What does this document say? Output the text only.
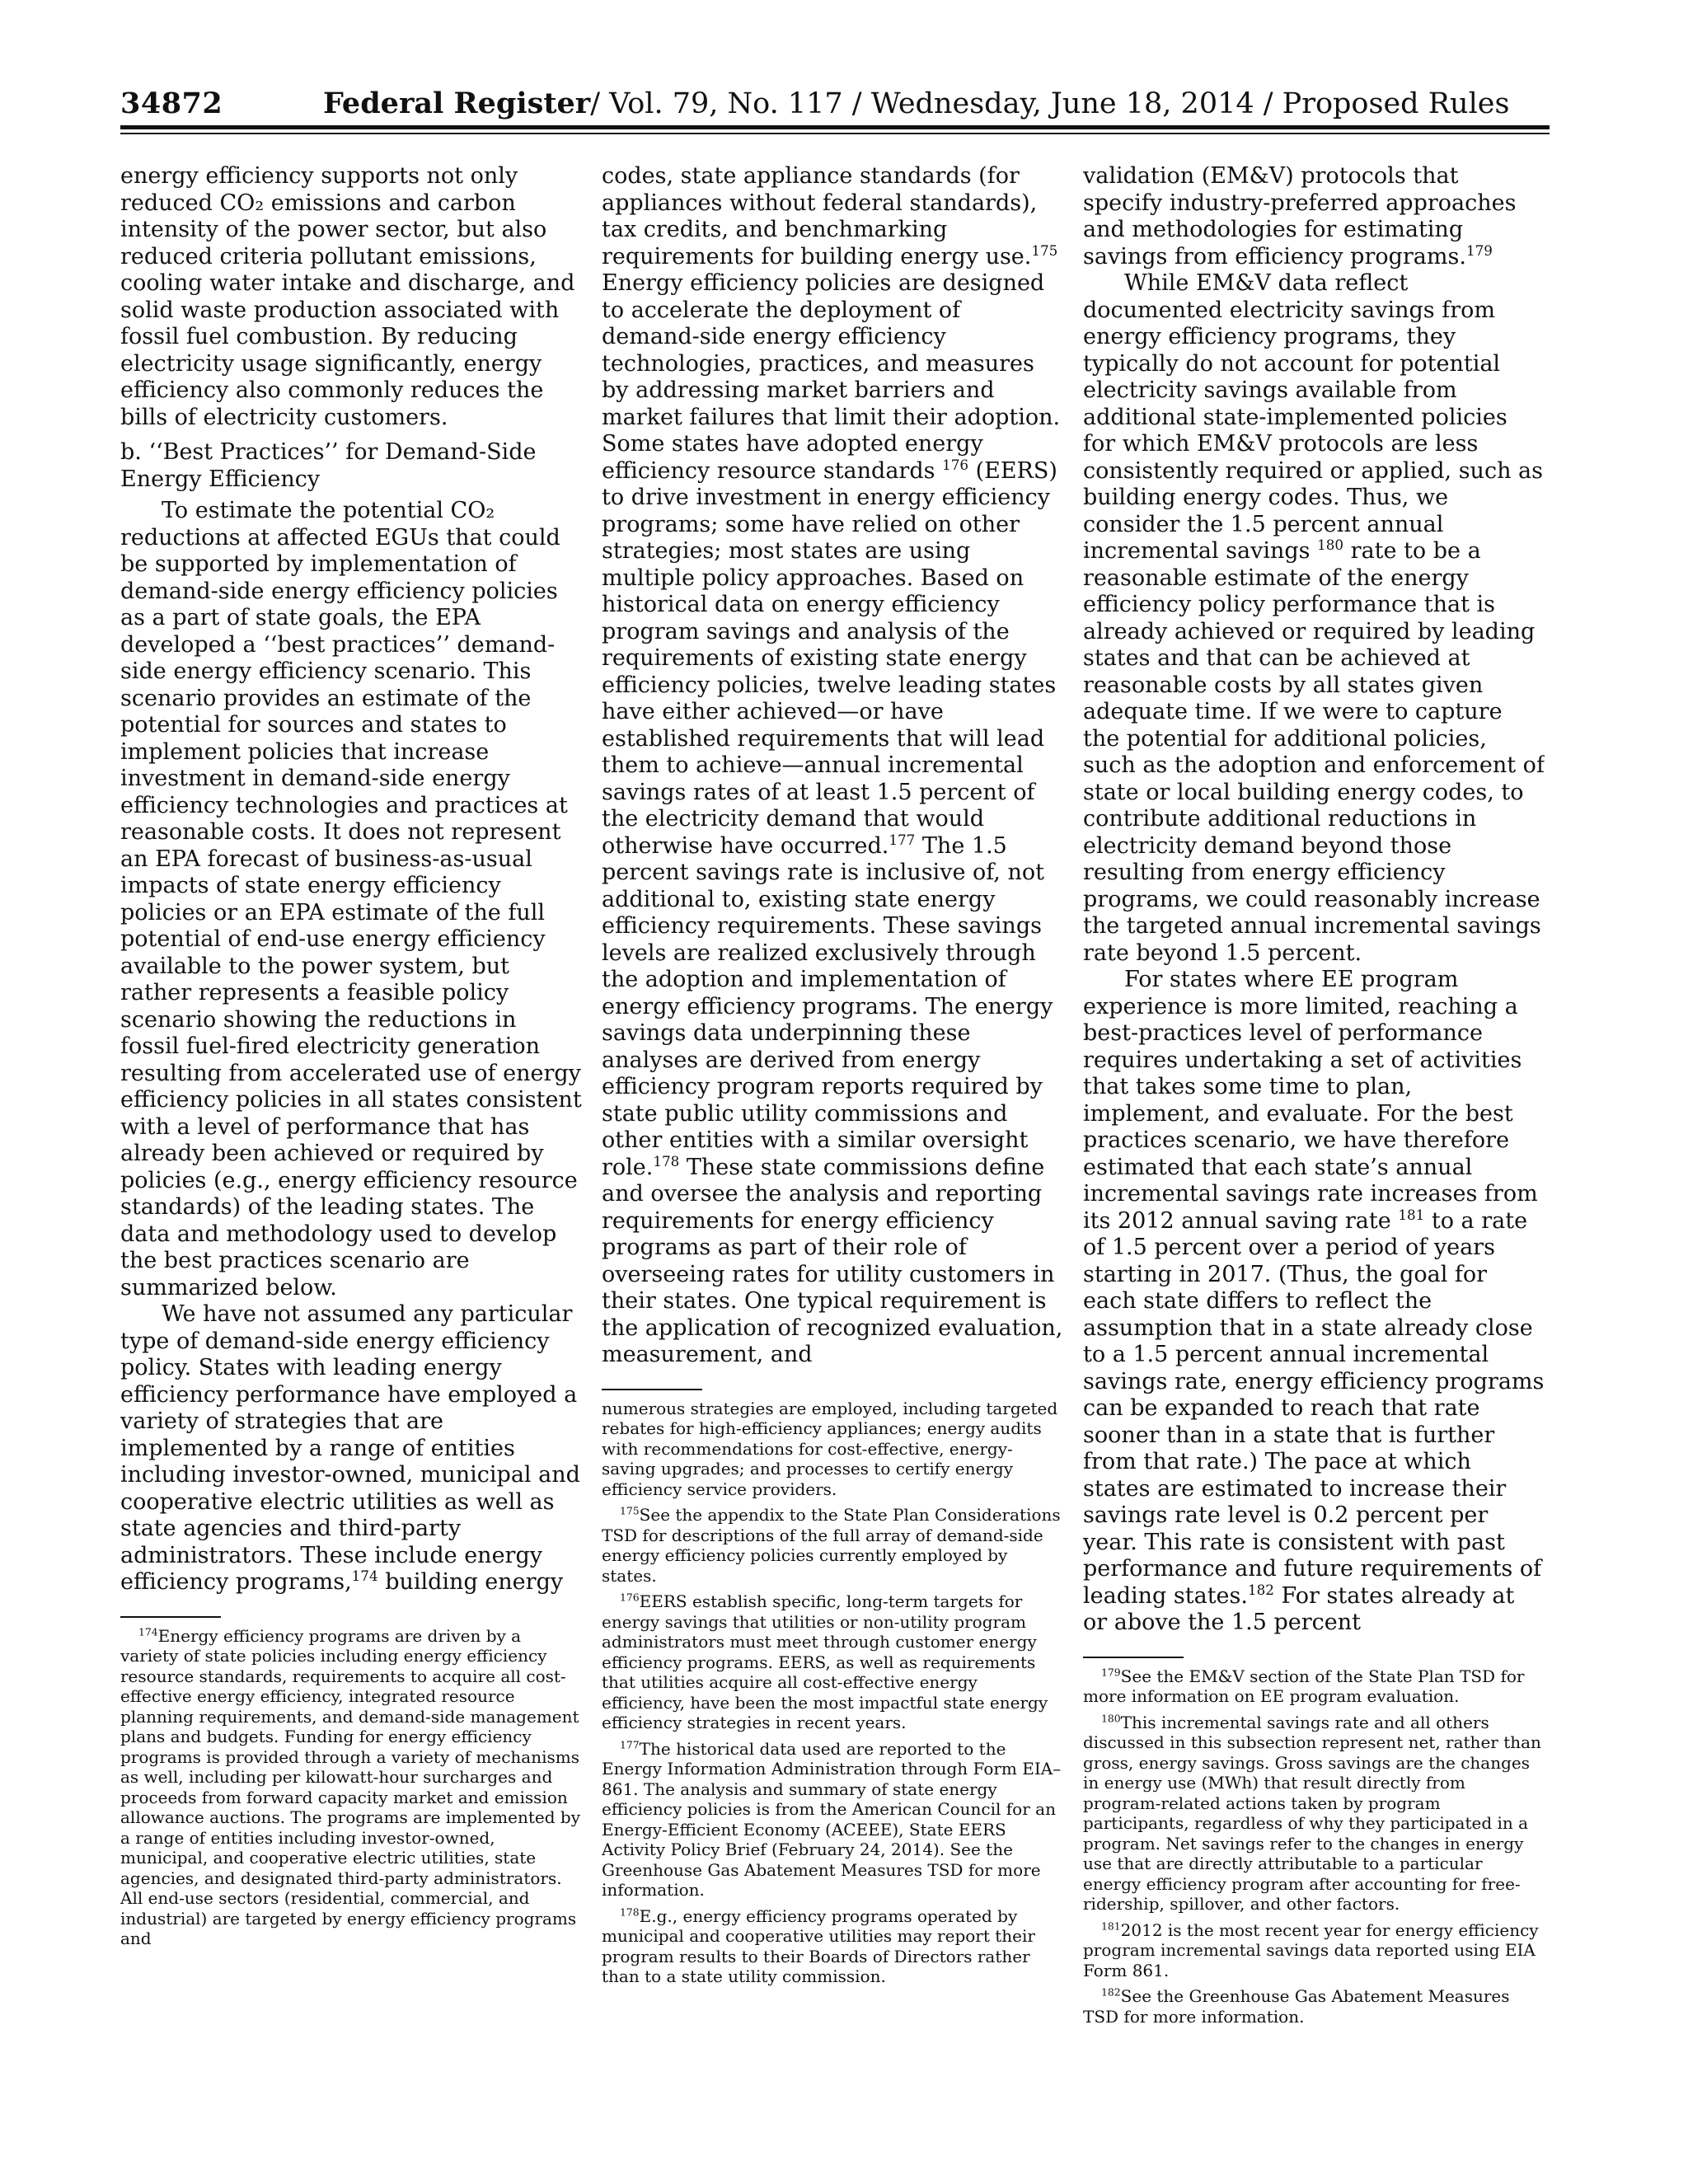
34872	Federal Register/ Vol. 79, No. 117 / Wednesday, June 18, 2014 / Proposed Rules

energy efficiency supports not only reduced CO₂ emissions and carbon intensity of the power sector, but also reduced criteria pollutant emissions, cooling water intake and discharge, and solid waste production associated with fossil fuel combustion. By reducing electricity usage significantly, energy efficiency also commonly reduces the bills of electricity customers.

b. ‘‘Best Practices’’ for Demand-Side Energy Efficiency

To estimate the potential CO₂ reductions at affected EGUs that could be supported by implementation of demand-side energy efficiency policies as a part of state goals, the EPA developed a ‘‘best practices’’ demand-side energy efficiency scenario. This scenario provides an estimate of the potential for sources and states to implement policies that increase investment in demand-side energy efficiency technologies and practices at reasonable costs. It does not represent an EPA forecast of business-as-usual impacts of state energy efficiency policies or an EPA estimate of the full potential of end-use energy efficiency available to the power system, but rather represents a feasible policy scenario showing the reductions in fossil fuel-fired electricity generation resulting from accelerated use of energy efficiency policies in all states consistent with a level of performance that has already been achieved or required by policies (e.g., energy efficiency resource standards) of the leading states. The data and methodology used to develop the best practices scenario are summarized below.

We have not assumed any particular type of demand-side energy efficiency policy. States with leading energy efficiency performance have employed a variety of strategies that are implemented by a range of entities including investor-owned, municipal and cooperative electric utilities as well as state agencies and third-party administrators. These include energy efficiency programs,$^{174}$ building energy

$^{174}$Energy efficiency programs are driven by a variety of state policies including energy efficiency resource standards, requirements to acquire all cost-effective energy efficiency, integrated resource planning requirements, and demand-side management plans and budgets. Funding for energy efficiency programs is provided through a variety of mechanisms as well, including per kilowatt-hour surcharges and proceeds from forward capacity market and emission allowance auctions. The programs are implemented by a range of entities including investor-owned, municipal, and cooperative electric utilities, state agencies, and designated third-party administrators. All end-use sectors (residential, commercial, and industrial) are targeted by energy efficiency programs and

codes, state appliance standards (for appliances without federal standards), tax credits, and benchmarking requirements for building energy use.$^{175}$ Energy efficiency policies are designed to accelerate the deployment of demand-side energy efficiency technologies, practices, and measures by addressing market barriers and market failures that limit their adoption. Some states have adopted energy efficiency resource standards $^{176}$ (EERS) to drive investment in energy efficiency programs; some have relied on other strategies; most states are using multiple policy approaches. Based on historical data on energy efficiency program savings and analysis of the requirements of existing state energy efficiency policies, twelve leading states have either achieved—or have established requirements that will lead them to achieve—annual incremental savings rates of at least 1.5 percent of the electricity demand that would otherwise have occurred.$^{177}$ The 1.5 percent savings rate is inclusive of, not additional to, existing state energy efficiency requirements. These savings levels are realized exclusively through the adoption and implementation of energy efficiency programs. The energy savings data underpinning these analyses are derived from energy efficiency program reports required by state public utility commissions and other entities with a similar oversight role.$^{178}$ These state commissions define and oversee the analysis and reporting requirements for energy efficiency programs as part of their role of overseeing rates for utility customers in their states. One typical requirement is the application of recognized evaluation, measurement, and

numerous strategies are employed, including targeted rebates for high-efficiency appliances; energy audits with recommendations for cost-effective, energy-saving upgrades; and processes to certify energy efficiency service providers.

$^{175}$See the appendix to the State Plan Considerations TSD for descriptions of the full array of demand-side energy efficiency policies currently employed by states.

$^{176}$EERS establish specific, long-term targets for energy savings that utilities or non-utility program administrators must meet through customer energy efficiency programs. EERS, as well as requirements that utilities acquire all cost-effective energy efficiency, have been the most impactful state energy efficiency strategies in recent years.

$^{177}$The historical data used are reported to the Energy Information Administration through Form EIA–861. The analysis and summary of state energy efficiency policies is from the American Council for an Energy-Efficient Economy (ACEEE), State EERS Activity Policy Brief (February 24, 2014). See the Greenhouse Gas Abatement Measures TSD for more information.

$^{178}$E.g., energy efficiency programs operated by municipal and cooperative utilities may report their program results to their Boards of Directors rather than to a state utility commission.

validation (EM&V) protocols that specify industry-preferred approaches and methodologies for estimating savings from efficiency programs.$^{179}$

While EM&V data reflect documented electricity savings from energy efficiency programs, they typically do not account for potential electricity savings available from additional state-implemented policies for which EM&V protocols are less consistently required or applied, such as building energy codes. Thus, we consider the 1.5 percent annual incremental savings $^{180}$ rate to be a reasonable estimate of the energy efficiency policy performance that is already achieved or required by leading states and that can be achieved at reasonable costs by all states given adequate time. If we were to capture the potential for additional policies, such as the adoption and enforcement of state or local building energy codes, to contribute additional reductions in electricity demand beyond those resulting from energy efficiency programs, we could reasonably increase the targeted annual incremental savings rate beyond 1.5 percent.

For states where EE program experience is more limited, reaching a best-practices level of performance requires undertaking a set of activities that takes some time to plan, implement, and evaluate. For the best practices scenario, we have therefore estimated that each state’s annual incremental savings rate increases from its 2012 annual saving rate $^{181}$ to a rate of 1.5 percent over a period of years starting in 2017. (Thus, the goal for each state differs to reflect the assumption that in a state already close to a 1.5 percent annual incremental savings rate, energy efficiency programs can be expanded to reach that rate sooner than in a state that is further from that rate.) The pace at which states are estimated to increase their savings rate level is 0.2 percent per year. This rate is consistent with past performance and future requirements of leading states.$^{182}$ For states already at or above the 1.5 percent

$^{179}$See the EM&V section of the State Plan TSD for more information on EE program evaluation.

$^{180}$This incremental savings rate and all others discussed in this subsection represent net, rather than gross, energy savings. Gross savings are the changes in energy use (MWh) that result directly from program-related actions taken by program participants, regardless of why they participated in a program. Net savings refer to the changes in energy use that are directly attributable to a particular energy efficiency program after accounting for free-ridership, spillover, and other factors.

$^{181}$2012 is the most recent year for energy efficiency program incremental savings data reported using EIA Form 861.

$^{182}$See the Greenhouse Gas Abatement Measures TSD for more information.
